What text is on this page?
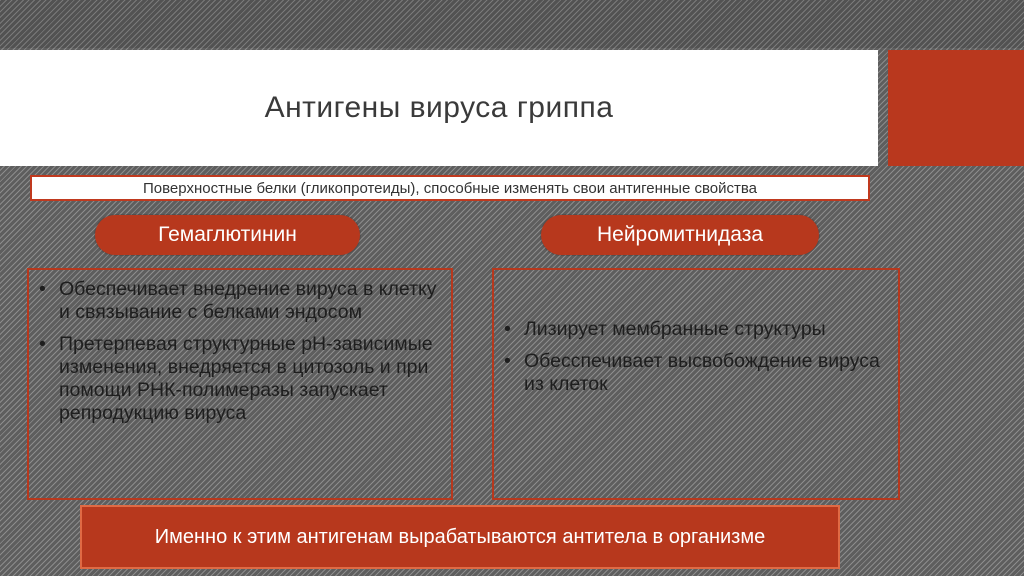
Антигены вируса гриппа
Поверхностные белки (гликопротеиды), способные изменять свои антигенные свойства
Гемаглютинин	Нейромитнидаза
• Обеспечивает внедрение вируса в клетку и связывание с белками эндосом
• Претерпевая структурные рН-зависимые изменения, внедряется в цитозоль и при помощи РНК-полимеразы запускает репродукцию вируса
• Лизирует мембранные структуры
• Обесспечивает высвобождение вируса из клеток
Именно к этим антигенам вырабатываются антитела в организме
